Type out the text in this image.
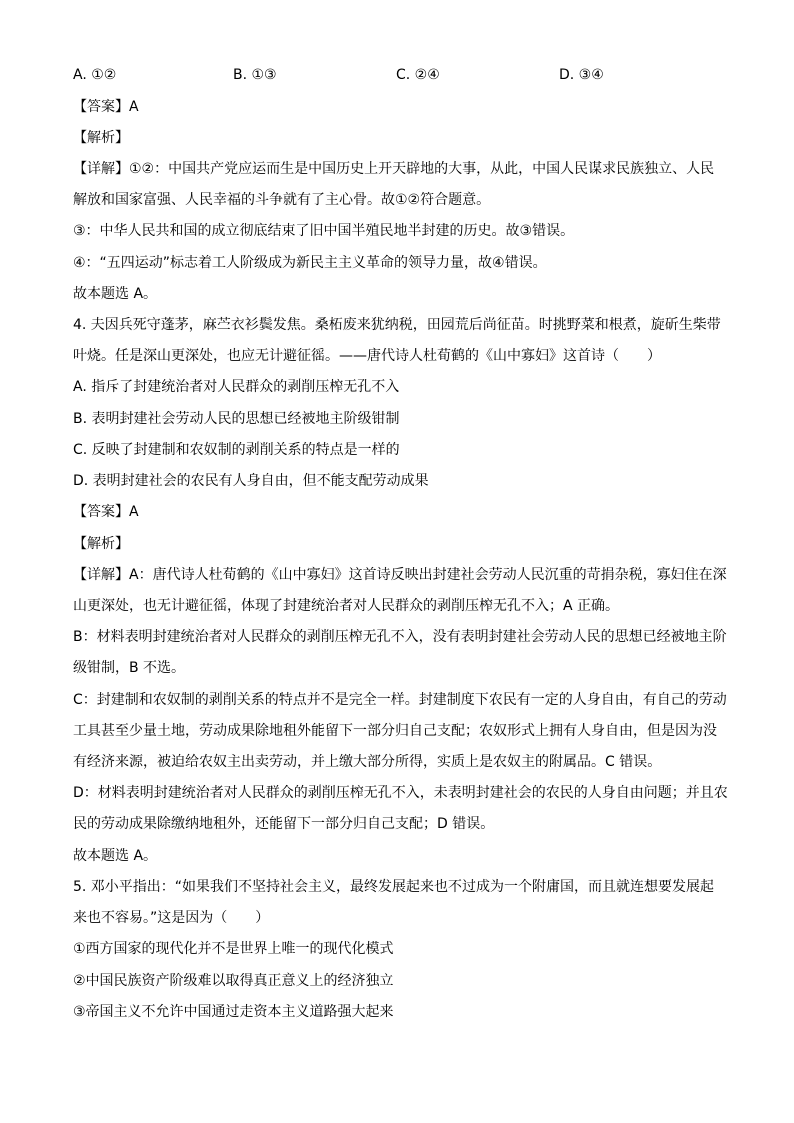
A. ①②	B. ①③	C. ②④	D. ③④
【答案】A
【解析】
【详解】①②：中国共产党应运而生是中国历史上开天辟地的大事，从此，中国人民谋求民族独立、人民
解放和国家富强、人民幸福的斗争就有了主心骨。故①②符合题意。
③：中华人民共和国的成立彻底结束了旧中国半殖民地半封建的历史。故③错误。
④：“五四运动”标志着工人阶级成为新民主主义革命的领导力量，故④错误。
故本题选 A。
4. 夫因兵死守蓬茅，麻苎衣衫鬓发焦。桑柘废来犹纳税，田园荒后尚征苗。时挑野菜和根煮，旋斫生柴带
叶烧。任是深山更深处，也应无计避征徭。——唐代诗人杜荀鹤的《山中寡妇》这首诗（　　）
A. 指斥了封建统治者对人民群众的剥削压榨无孔不入
B. 表明封建社会劳动人民的思想已经被地主阶级钳制
C. 反映了封建制和农奴制的剥削关系的特点是一样的
D. 表明封建社会的农民有人身自由，但不能支配劳动成果
【答案】A
【解析】
【详解】A：唐代诗人杜荀鹤的《山中寡妇》这首诗反映出封建社会劳动人民沉重的苛捐杂税，寡妇住在深
山更深处，也无计避征徭，体现了封建统治者对人民群众的剥削压榨无孔不入；A 正确。
B：材料表明封建统治者对人民群众的剥削压榨无孔不入，没有表明封建社会劳动人民的思想已经被地主阶
级钳制，B 不选。
C：封建制和农奴制的剥削关系的特点并不是完全一样。封建制度下农民有一定的人身自由，有自己的劳动
工具甚至少量土地，劳动成果除地租外能留下一部分归自己支配；农奴形式上拥有人身自由，但是因为没
有经济来源，被迫给农奴主出卖劳动，并上缴大部分所得，实质上是农奴主的附属品。C 错误。
D：材料表明封建统治者对人民群众的剥削压榨无孔不入，未表明封建社会的农民的人身自由问题；并且农
民的劳动成果除缴纳地租外，还能留下一部分归自己支配；D 错误。
故本题选 A。
5. 邓小平指出：“如果我们不坚持社会主义，最终发展起来也不过成为一个附庸国，而且就连想要发展起
来也不容易。”这是因为（　　）
①西方国家的现代化并不是世界上唯一的现代化模式
②中国民族资产阶级难以取得真正意义上的经济独立
③帝国主义不允许中国通过走资本主义道路强大起来
